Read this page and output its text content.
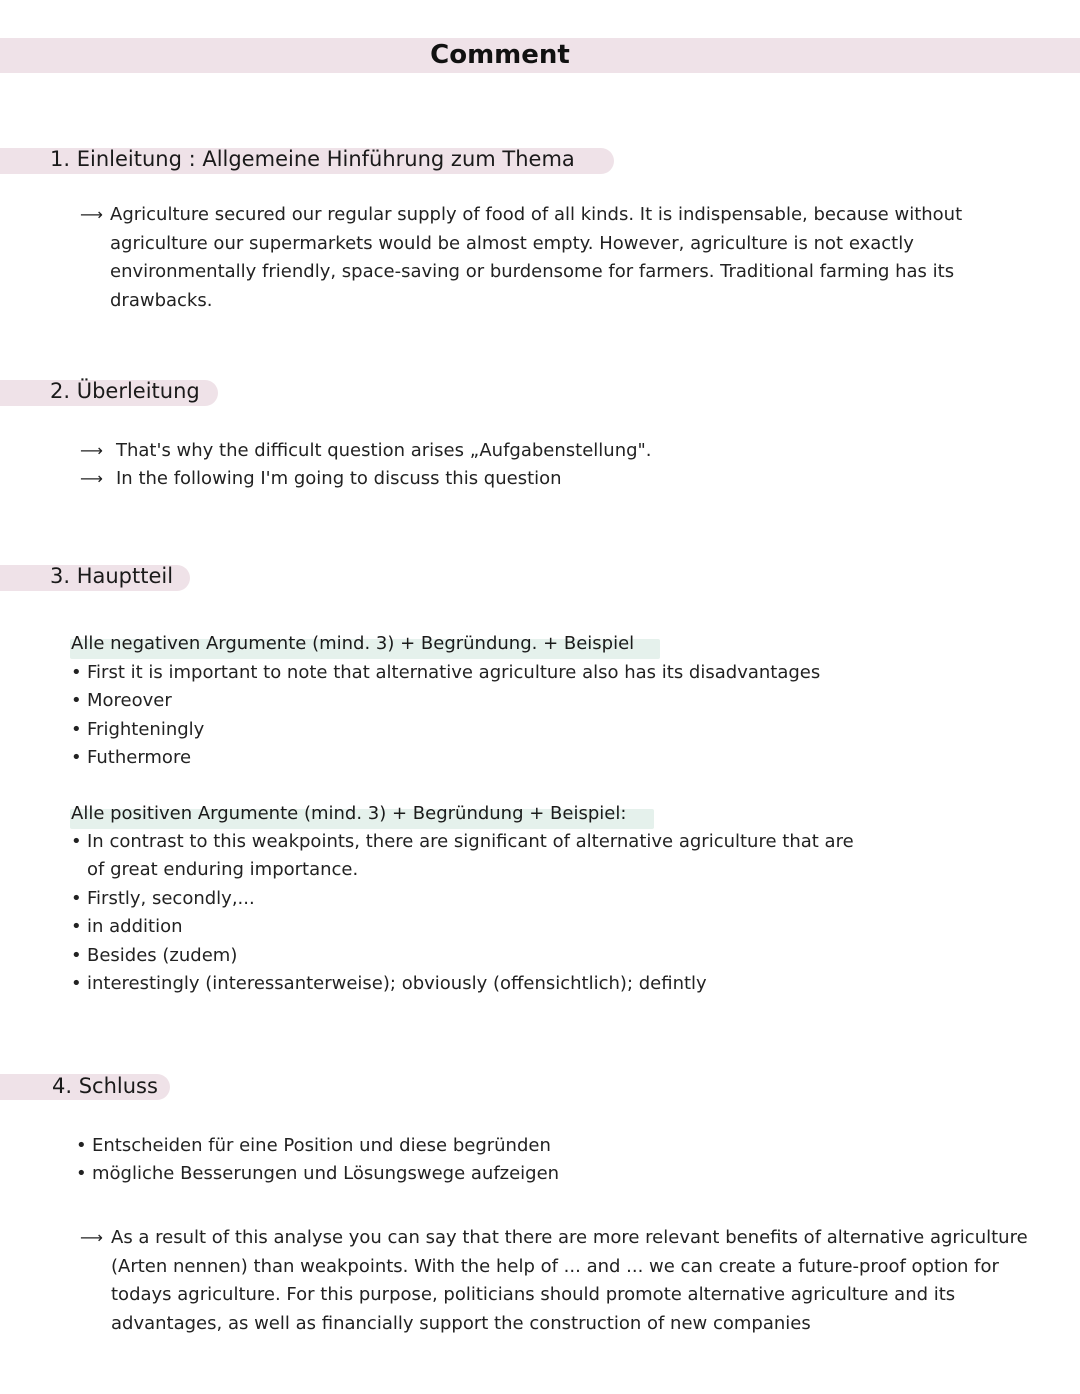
Comment
1. Einleitung : Allgemeine Hinführung zum Thema
⟶ Agriculture secured our regular supply of food of all kinds. It is indispensable, because without agriculture our supermarkets would be almost empty. However, agriculture is not exactly environmentally friendly, space-saving or burdensome for farmers. Traditional farming has its drawbacks.
2. Überleitung
⟶ That's why the difficult question arises „Aufgabenstellung".
⟶ In the following I'm going to discuss this question
3. Hauptteil
Alle negativen Argumente (mind. 3) + Begründung. + Beispiel
• First it is important to note that alternative agriculture also has its disadvantages
• Moreover
• Frighteningly
• Futhermore
Alle positiven Argumente (mind. 3) + Begründung + Beispiel:
• In contrast to this weakpoints, there are significant of alternative agriculture that are of great enduring importance.
• Firstly, secondly,...
• in addition
• Besides (zudem)
• interestingly (interessanterweise); obviously (offensichtlich); defintly
4. Schluss
• Entscheiden für eine Position und diese begründen
• mögliche Besserungen und Lösungswege aufzeigen
⟶ As a result of this analyse you can say that there are more relevant benefits of alternative agriculture (Arten nennen) than weakpoints. With the help of ... and ... we can create a future-proof option for todays agriculture. For this purpose, politicians should promote alternative agriculture and its advantages, as well as financially support the construction of new companies
